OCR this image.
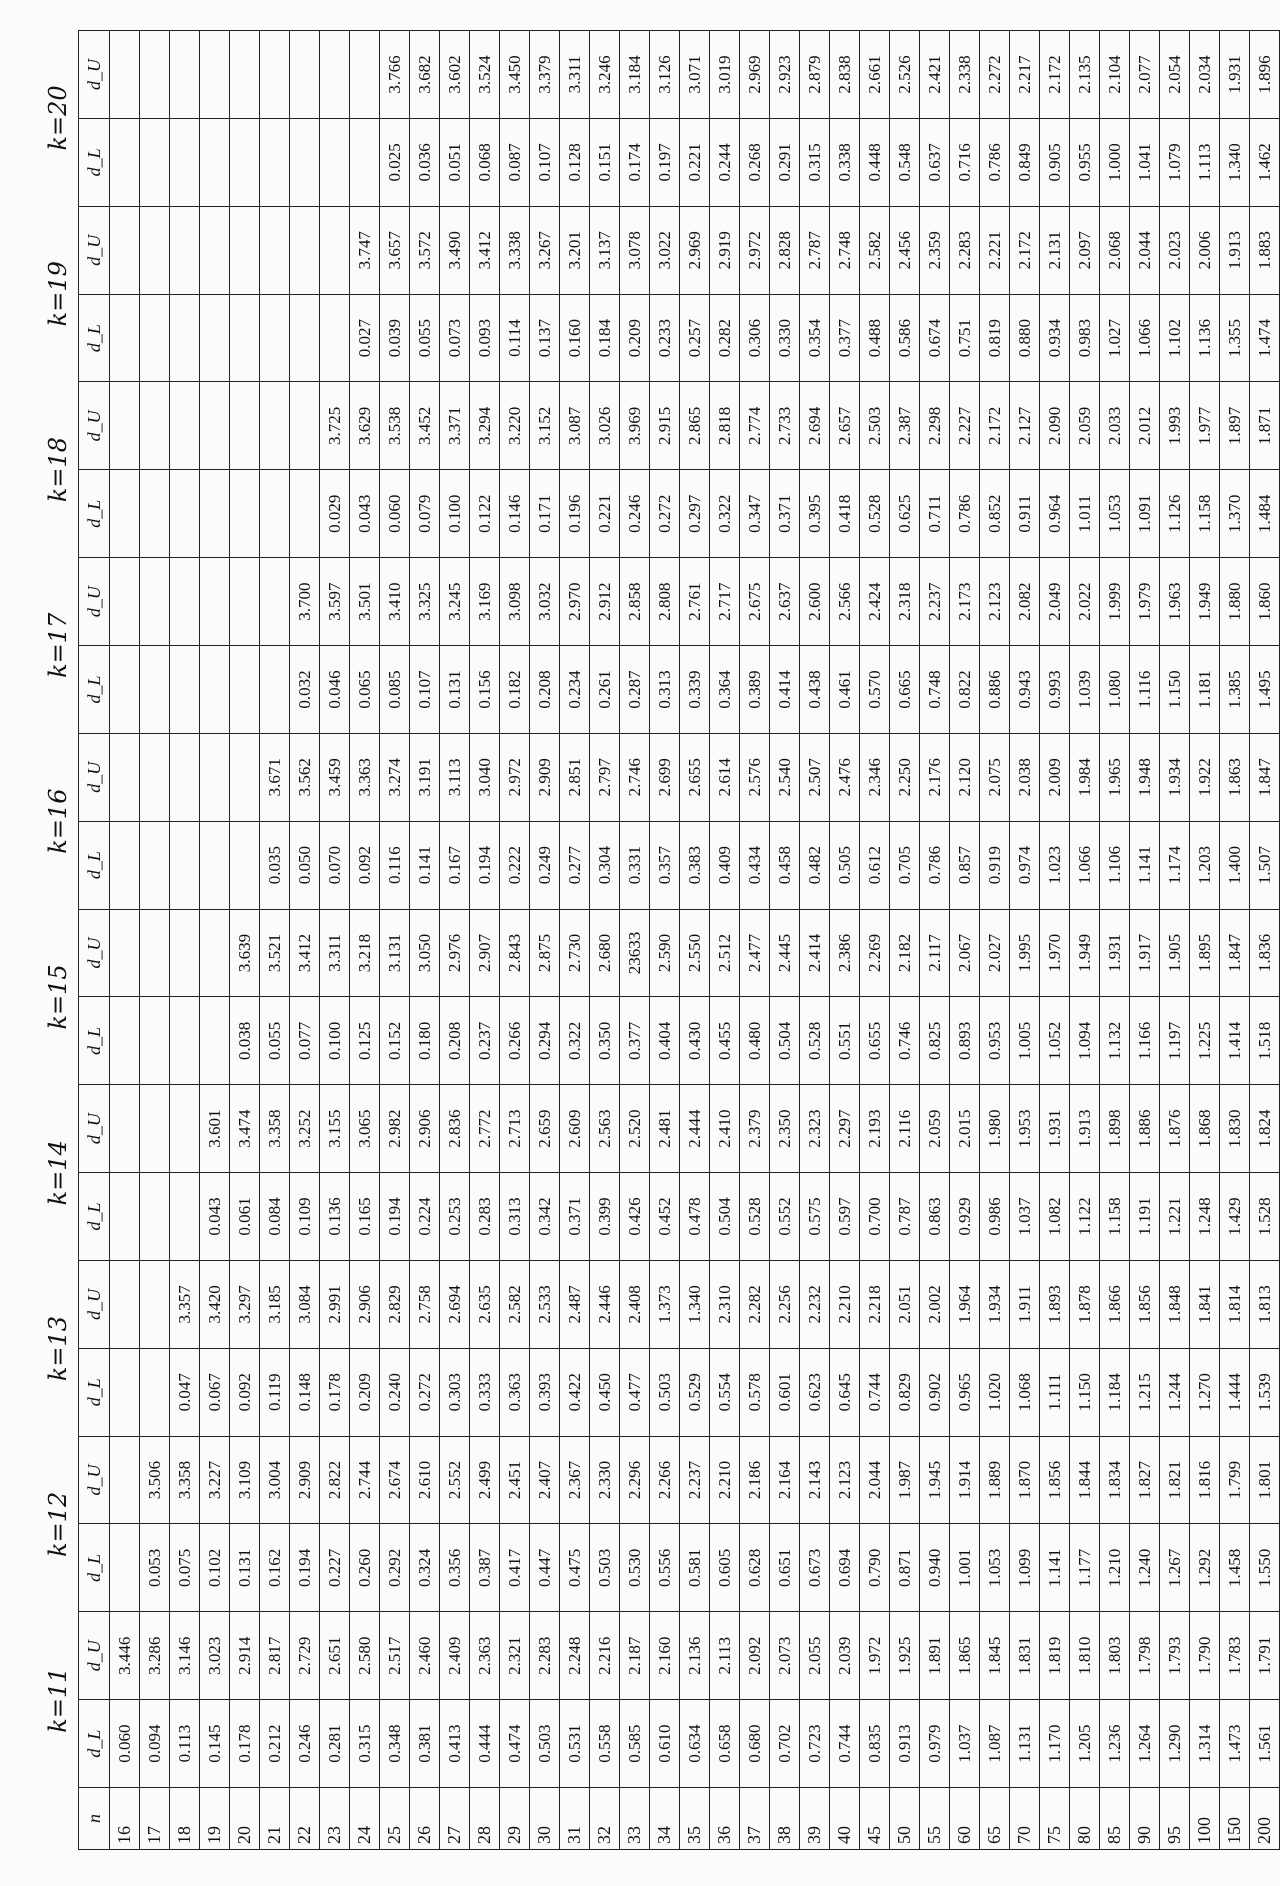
k=11
k=12
k=13
k=14
k=15
k=16
k=17
k=18
k=19
k=20
n	d_L	d_U	d_L	d_U	d_L	d_U	d_L	d_U	d_L	d_U	d_L	d_U	d_L	d_U	d_L	d_U	d_L	d_U	d_L	d_U
16	0.060	3.446																		
17	0.094	3.286	0.053	3.506																
18	0.113	3.146	0.075	3.358	0.047	3.357														
19	0.145	3.023	0.102	3.227	0.067	3.420	0.043	3.601												
20	0.178	2.914	0.131	3.109	0.092	3.297	0.061	3.474	0.038	3.639										
21	0.212	2.817	0.162	3.004	0.119	3.185	0.084	3.358	0.055	3.521	0.035	3.671								
22	0.246	2.729	0.194	2.909	0.148	3.084	0.109	3.252	0.077	3.412	0.050	3.562	0.032	3.700						
23	0.281	2.651	0.227	2.822	0.178	2.991	0.136	3.155	0.100	3.311	0.070	3.459	0.046	3.597	0.029	3.725				
24	0.315	2.580	0.260	2.744	0.209	2.906	0.165	3.065	0.125	3.218	0.092	3.363	0.065	3.501	0.043	3.629	0.027	3.747		
25	0.348	2.517	0.292	2.674	0.240	2.829	0.194	2.982	0.152	3.131	0.116	3.274	0.085	3.410	0.060	3.538	0.039	3.657	0.025	3.766
26	0.381	2.460	0.324	2.610	0.272	2.758	0.224	2.906	0.180	3.050	0.141	3.191	0.107	3.325	0.079	3.452	0.055	3.572	0.036	3.682
27	0.413	2.409	0.356	2.552	0.303	2.694	0.253	2.836	0.208	2.976	0.167	3.113	0.131	3.245	0.100	3.371	0.073	3.490	0.051	3.602
28	0.444	2.363	0.387	2.499	0.333	2.635	0.283	2.772	0.237	2.907	0.194	3.040	0.156	3.169	0.122	3.294	0.093	3.412	0.068	3.524
29	0.474	2.321	0.417	2.451	0.363	2.582	0.313	2.713	0.266	2.843	0.222	2.972	0.182	3.098	0.146	3.220	0.114	3.338	0.087	3.450
30	0.503	2.283	0.447	2.407	0.393	2.533	0.342	2.659	0.294	2.875	0.249	2.909	0.208	3.032	0.171	3.152	0.137	3.267	0.107	3.379
31	0.531	2.248	0.475	2.367	0.422	2.487	0.371	2.609	0.322	2.730	0.277	2.851	0.234	2.970	0.196	3.087	0.160	3.201	0.128	3.311
32	0.558	2.216	0.503	2.330	0.450	2.446	0.399	2.563	0.350	2.680	0.304	2.797	0.261	2.912	0.221	3.026	0.184	3.137	0.151	3.246
33	0.585	2.187	0.530	2.296	0.477	2.408	0.426	2.520	0.377	23633	0.331	2.746	0.287	2.858	0.246	3.969	0.209	3.078	0.174	3.184
34	0.610	2.160	0.556	2.266	0.503	1.373	0.452	2.481	0.404	2.590	0.357	2.699	0.313	2.808	0.272	2.915	0.233	3.022	0.197	3.126
35	0.634	2.136	0.581	2.237	0.529	1.340	0.478	2.444	0.430	2.550	0.383	2.655	0.339	2.761	0.297	2.865	0.257	2.969	0.221	3.071
36	0.658	2.113	0.605	2.210	0.554	2.310	0.504	2.410	0.455	2.512	0.409	2.614	0.364	2.717	0.322	2.818	0.282	2.919	0.244	3.019
37	0.680	2.092	0.628	2.186	0.578	2.282	0.528	2.379	0.480	2.477	0.434	2.576	0.389	2.675	0.347	2.774	0.306	2.972	0.268	2.969
38	0.702	2.073	0.651	2.164	0.601	2.256	0.552	2.350	0.504	2.445	0.458	2.540	0.414	2.637	0.371	2.733	0.330	2.828	0.291	2.923
39	0.723	2.055	0.673	2.143	0.623	2.232	0.575	2.323	0.528	2.414	0.482	2.507	0.438	2.600	0.395	2.694	0.354	2.787	0.315	2.879
40	0.744	2.039	0.694	2.123	0.645	2.210	0.597	2.297	0.551	2.386	0.505	2.476	0.461	2.566	0.418	2.657	0.377	2.748	0.338	2.838
45	0.835	1.972	0.790	2.044	0.744	2.218	0.700	2.193	0.655	2.269	0.612	2.346	0.570	2.424	0.528	2.503	0.488	2.582	0.448	2.661
50	0.913	1.925	0.871	1.987	0.829	2.051	0.787	2.116	0.746	2.182	0.705	2.250	0.665	2.318	0.625	2.387	0.586	2.456	0.548	2.526
55	0.979	1.891	0.940	1.945	0.902	2.002	0.863	2.059	0.825	2.117	0.786	2.176	0.748	2.237	0.711	2.298	0.674	2.359	0.637	2.421
60	1.037	1.865	1.001	1.914	0.965	1.964	0.929	2.015	0.893	2.067	0.857	2.120	0.822	2.173	0.786	2.227	0.751	2.283	0.716	2.338
65	1.087	1.845	1.053	1.889	1.020	1.934	0.986	1.980	0.953	2.027	0.919	2.075	0.886	2.123	0.852	2.172	0.819	2.221	0.786	2.272
70	1.131	1.831	1.099	1.870	1.068	1.911	1.037	1.953	1.005	1.995	0.974	2.038	0.943	2.082	0.911	2.127	0.880	2.172	0.849	2.217
75	1.170	1.819	1.141	1.856	1.111	1.893	1.082	1.931	1.052	1.970	1.023	2.009	0.993	2.049	0.964	2.090	0.934	2.131	0.905	2.172
80	1.205	1.810	1.177	1.844	1.150	1.878	1.122	1.913	1.094	1.949	1.066	1.984	1.039	2.022	1.011	2.059	0.983	2.097	0.955	2.135
85	1.236	1.803	1.210	1.834	1.184	1.866	1.158	1.898	1.132	1.931	1.106	1.965	1.080	1.999	1.053	2.033	1.027	2.068	1.000	2.104
90	1.264	1.798	1.240	1.827	1.215	1.856	1.191	1.886	1.166	1.917	1.141	1.948	1.116	1.979	1.091	2.012	1.066	2.044	1.041	2.077
95	1.290	1.793	1.267	1.821	1.244	1.848	1.221	1.876	1.197	1.905	1.174	1.934	1.150	1.963	1.126	1.993	1.102	2.023	1.079	2.054
100	1.314	1.790	1.292	1.816	1.270	1.841	1.248	1.868	1.225	1.895	1.203	1.922	1.181	1.949	1.158	1.977	1.136	2.006	1.113	2.034
150	1.473	1.783	1.458	1.799	1.444	1.814	1.429	1.830	1.414	1.847	1.400	1.863	1.385	1.880	1.370	1.897	1.355	1.913	1.340	1.931
200	1.561	1.791	1.550	1.801	1.539	1.813	1.528	1.824	1.518	1.836	1.507	1.847	1.495	1.860	1.484	1.871	1.474	1.883	1.462	1.896
